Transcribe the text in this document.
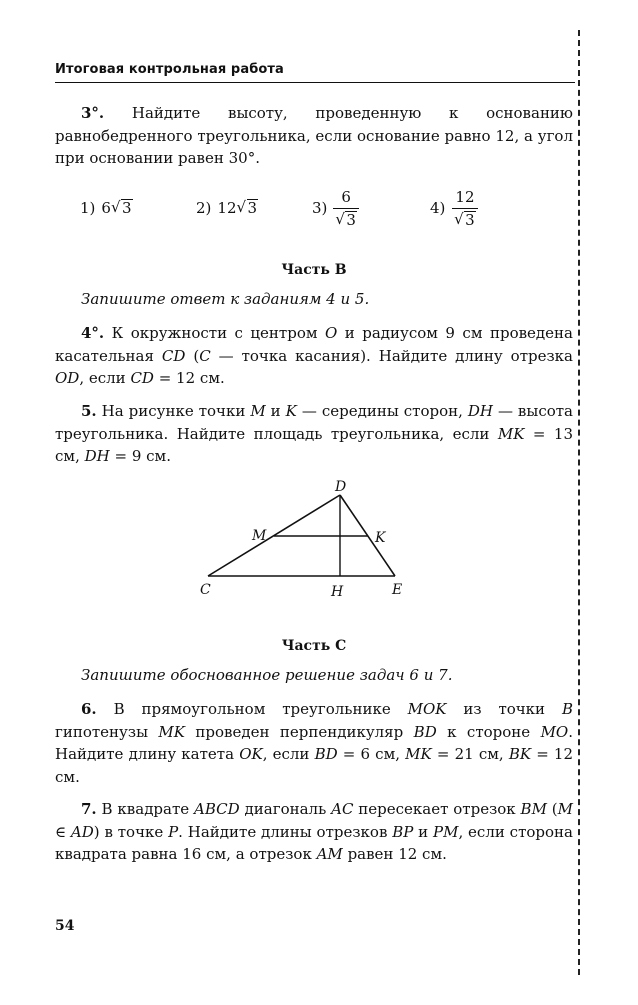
Итоговая контрольная работа
3°. Найдите высоту, проведенную к основанию равнобедренного треугольника, если основание равно 12, а угол при основании равен 30°.
1) 6 √ 3	2) 12 √ 3	$3) \frac{6}{√ 3}$	$4) \frac{12}{√ 3}$
Часть B
Запишите ответ к заданиям 4 и 5.
4°. К окружности с центром O и радиусом 9 см проведена касательная CD (C — точка касания). Найдите длину отрезка OD, если CD = 12 см.
5. На рисунке точки M и K — середины сторон, DH — высота треугольника. Найдите площадь треугольника, если MK = 13 см, DH = 9 см.
D
M	K
C	H	E
Часть C
Запишите обоснованное решение задач 6 и 7.
6. В прямоугольном треугольнике MOK из точки B гипотенузы MK проведен перпендикуляр BD к стороне MO. Найдите длину катета OK, если BD = 6 см, MK = 21 см, BK = 12 см.
7. В квадрате ABCD диагональ AC пересекает отрезок BM (M ∈ AD) в точке P. Найдите длины отрезков BP и PM, если сторона квадрата равна 16 см, а отрезок AM равен 12 см.
54
